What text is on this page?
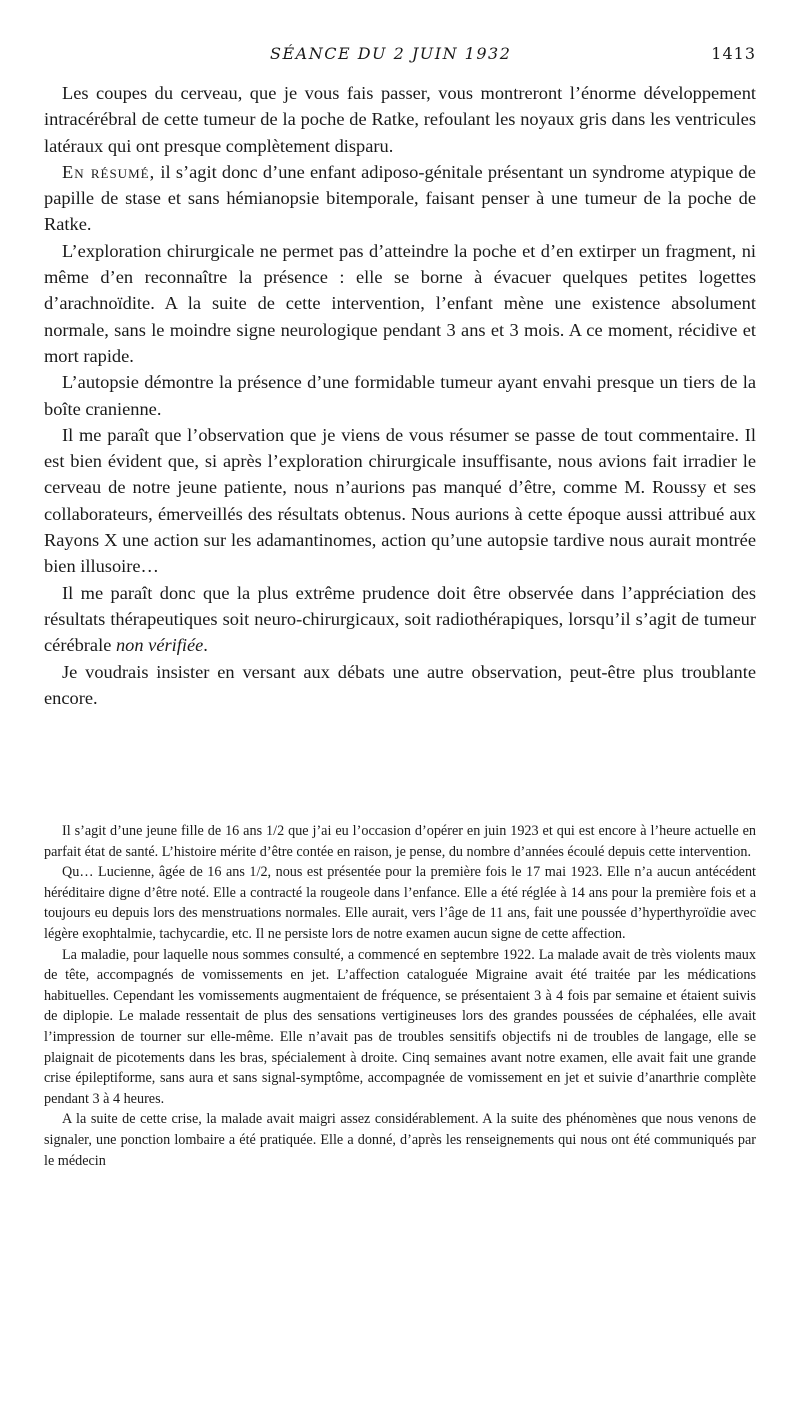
SÉANCE DU 2 JUIN 1932	1413

Les coupes du cerveau, que je vous fais passer, vous montreront l’énorme développement intracérébral de cette tumeur de la poche de Ratke, refoulant les noyaux gris dans les ventricules latéraux qui ont presque complètement disparu.

En résumé, il s’agit donc d’une enfant adiposo-génitale présentant un syndrome atypique de papille de stase et sans hémianopsie bitemporale, faisant penser à une tumeur de la poche de Ratke.

L’exploration chirurgicale ne permet pas d’atteindre la poche et d’en extirper un fragment, ni même d’en reconnaître la présence : elle se borne à évacuer quelques petites logettes d’arachnoïdite. A la suite de cette intervention, l’enfant mène une existence absolument normale, sans le moindre signe neurologique pendant 3 ans et 3 mois. A ce moment, récidive et mort rapide.

L’autopsie démontre la présence d’une formidable tumeur ayant envahi presque un tiers de la boîte cranienne.

Il me paraît que l’observation que je viens de vous résumer se passe de tout commentaire. Il est bien évident que, si après l’exploration chirurgicale insuffisante, nous avions fait irradier le cerveau de notre jeune patiente, nous n’aurions pas manqué d’être, comme M. Roussy et ses collaborateurs, émerveillés des résultats obtenus. Nous aurions à cette époque aussi attribué aux Rayons X une action sur les adamantinomes, action qu’une autopsie tardive nous aurait montrée bien illusoire…

Il me paraît donc que la plus extrême prudence doit être observée dans l’appréciation des résultats thérapeutiques soit neuro-chirurgicaux, soit radiothérapiques, lorsqu’il s’agit de tumeur cérébrale non vérifiée.

Je voudrais insister en versant aux débats une autre observation, peut-être plus troublante encore.

Il s’agit d’une jeune fille de 16 ans 1/2 que j’ai eu l’occasion d’opérer en juin 1923 et qui est encore à l’heure actuelle en parfait état de santé. L’histoire mérite d’être contée en raison, je pense, du nombre d’années écoulé depuis cette intervention.

Qu… Lucienne, âgée de 16 ans 1/2, nous est présentée pour la première fois le 17 mai 1923. Elle n’a aucun antécédent héréditaire digne d’être noté. Elle a contracté la rougeole dans l’enfance. Elle a été réglée à 14 ans pour la première fois et a toujours eu depuis lors des menstruations normales. Elle aurait, vers l’âge de 11 ans, fait une poussée d’hyperthyroïdie avec légère exophtalmie, tachycardie, etc. Il ne persiste lors de notre examen aucun signe de cette affection.

La maladie, pour laquelle nous sommes consulté, a commencé en septembre 1922. La malade avait de très violents maux de tête, accompagnés de vomissements en jet. L’affection cataloguée Migraine avait été traitée par les médications habituelles. Cependant les vomissements augmentaient de fréquence, se présentaient 3 à 4 fois par semaine et étaient suivis de diplopie. Le malade ressentait de plus des sensations vertigineuses lors des grandes poussées de céphalées, elle avait l’impression de tourner sur elle-même. Elle n’avait pas de troubles sensitifs objectifs ni de troubles de langage, elle se plaignait de picotements dans les bras, spécialement à droite. Cinq semaines avant notre examen, elle avait fait une grande crise épileptiforme, sans aura et sans signal-symptôme, accompagnée de vomissement en jet et suivie d’anarthrie complète pendant 3 à 4 heures.

A la suite de cette crise, la malade avait maigri assez considérablement. A la suite des phénomènes que nous venons de signaler, une ponction lombaire a été pratiquée. Elle a donné, d’après les renseignements qui nous ont été communiqués par le médecin
